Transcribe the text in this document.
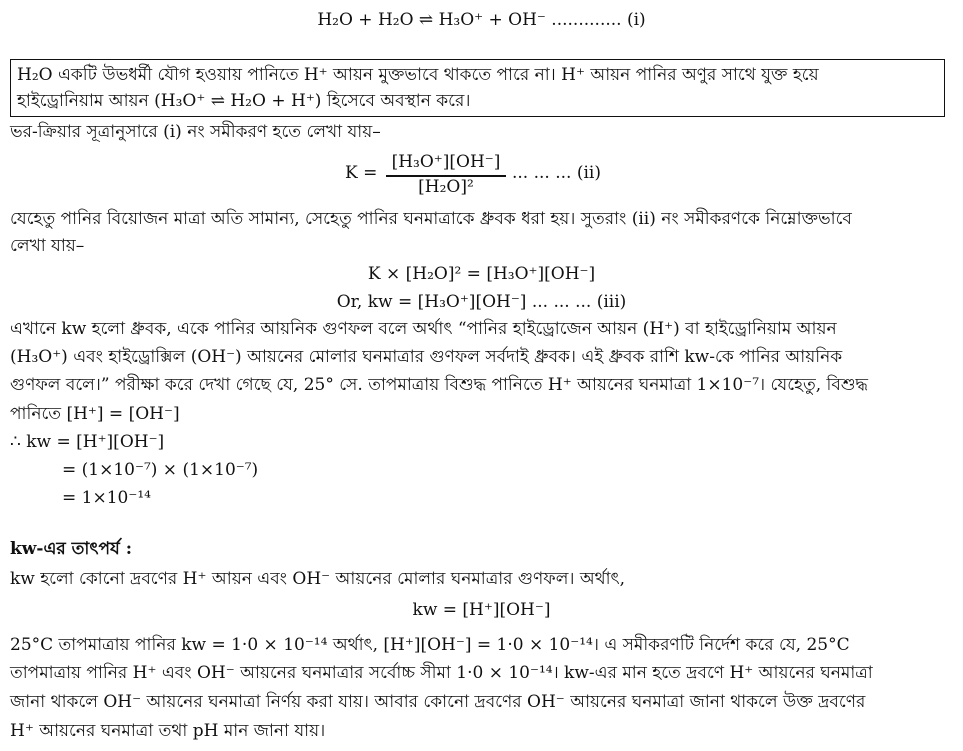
H₂O + H₂O ⇌ H₃O⁺ + OH⁻ ............. (i)
H₂O একটি উভধর্মী যৌগ হওয়ায় পানিতে H⁺ আয়ন মুক্তভাবে থাকতে পারে না। H⁺ আয়ন পানির অণুর সাথে যুক্ত হয়ে
হাইড্রোনিয়াম আয়ন (H₃O⁺ ⇌ H₂O + H⁺) হিসেবে অবস্থান করে।
ভর-ক্রিয়ার সূত্রানুসারে (i) নং সমীকরণ হতে লেখা যায়–
K =
[H₃O⁺][OH⁻]
[H₂O]²
... ... ... (ii)
যেহেতু পানির বিয়োজন মাত্রা অতি সামান্য, সেহেতু পানির ঘনমাত্রাকে ধ্রুবক ধরা হয়। সুতরাং (ii) নং সমীকরণকে নিম্নোক্তভাবে
লেখা যায়–
K × [H₂O]² = [H₃O⁺][OH⁻]
Or, kw = [H₃O⁺][OH⁻] ... ... ... (iii)
এখানে kw হলো ধ্রুবক, একে পানির আয়নিক গুণফল বলে অর্থাৎ “পানির হাইড্রোজেন আয়ন (H⁺) বা হাইড্রোনিয়াম আয়ন
(H₃O⁺) এবং হাইড্রোক্সিল (OH⁻) আয়নের মোলার ঘনমাত্রার গুণফল সর্বদাই ধ্রুবক। এই ধ্রুবক রাশি kw-কে পানির আয়নিক
গুণফল বলে।” পরীক্ষা করে দেখা গেছে যে, 25° সে. তাপমাত্রায় বিশুদ্ধ পানিতে H⁺ আয়নের ঘনমাত্রা 1×10⁻⁷। যেহেতু, বিশুদ্ধ
পানিতে [H⁺] = [OH⁻]
∴ kw = [H⁺][OH⁻]
= (1×10⁻⁷) × (1×10⁻⁷)
= 1×10⁻¹⁴
kw-এর তাৎপর্য :
kw হলো কোনো দ্রবণের H⁺ আয়ন এবং OH⁻ আয়নের মোলার ঘনমাত্রার গুণফল। অর্থাৎ,
kw = [H⁺][OH⁻]
25°C তাপমাত্রায় পানির kw = 1·0 × 10⁻¹⁴ অর্থাৎ, [H⁺][OH⁻] = 1·0 × 10⁻¹⁴। এ সমীকরণটি নির্দেশ করে যে, 25°C
তাপমাত্রায় পানির H⁺ এবং OH⁻ আয়নের ঘনমাত্রার সর্বোচ্চ সীমা 1·0 × 10⁻¹⁴। kw-এর মান হতে দ্রবণে H⁺ আয়নের ঘনমাত্রা
জানা থাকলে OH⁻ আয়নের ঘনমাত্রা নির্ণয় করা যায়। আবার কোনো দ্রবণের OH⁻ আয়নের ঘনমাত্রা জানা থাকলে উক্ত দ্রবণের
H⁺ আয়নের ঘনমাত্রা তথা pH মান জানা যায়।
